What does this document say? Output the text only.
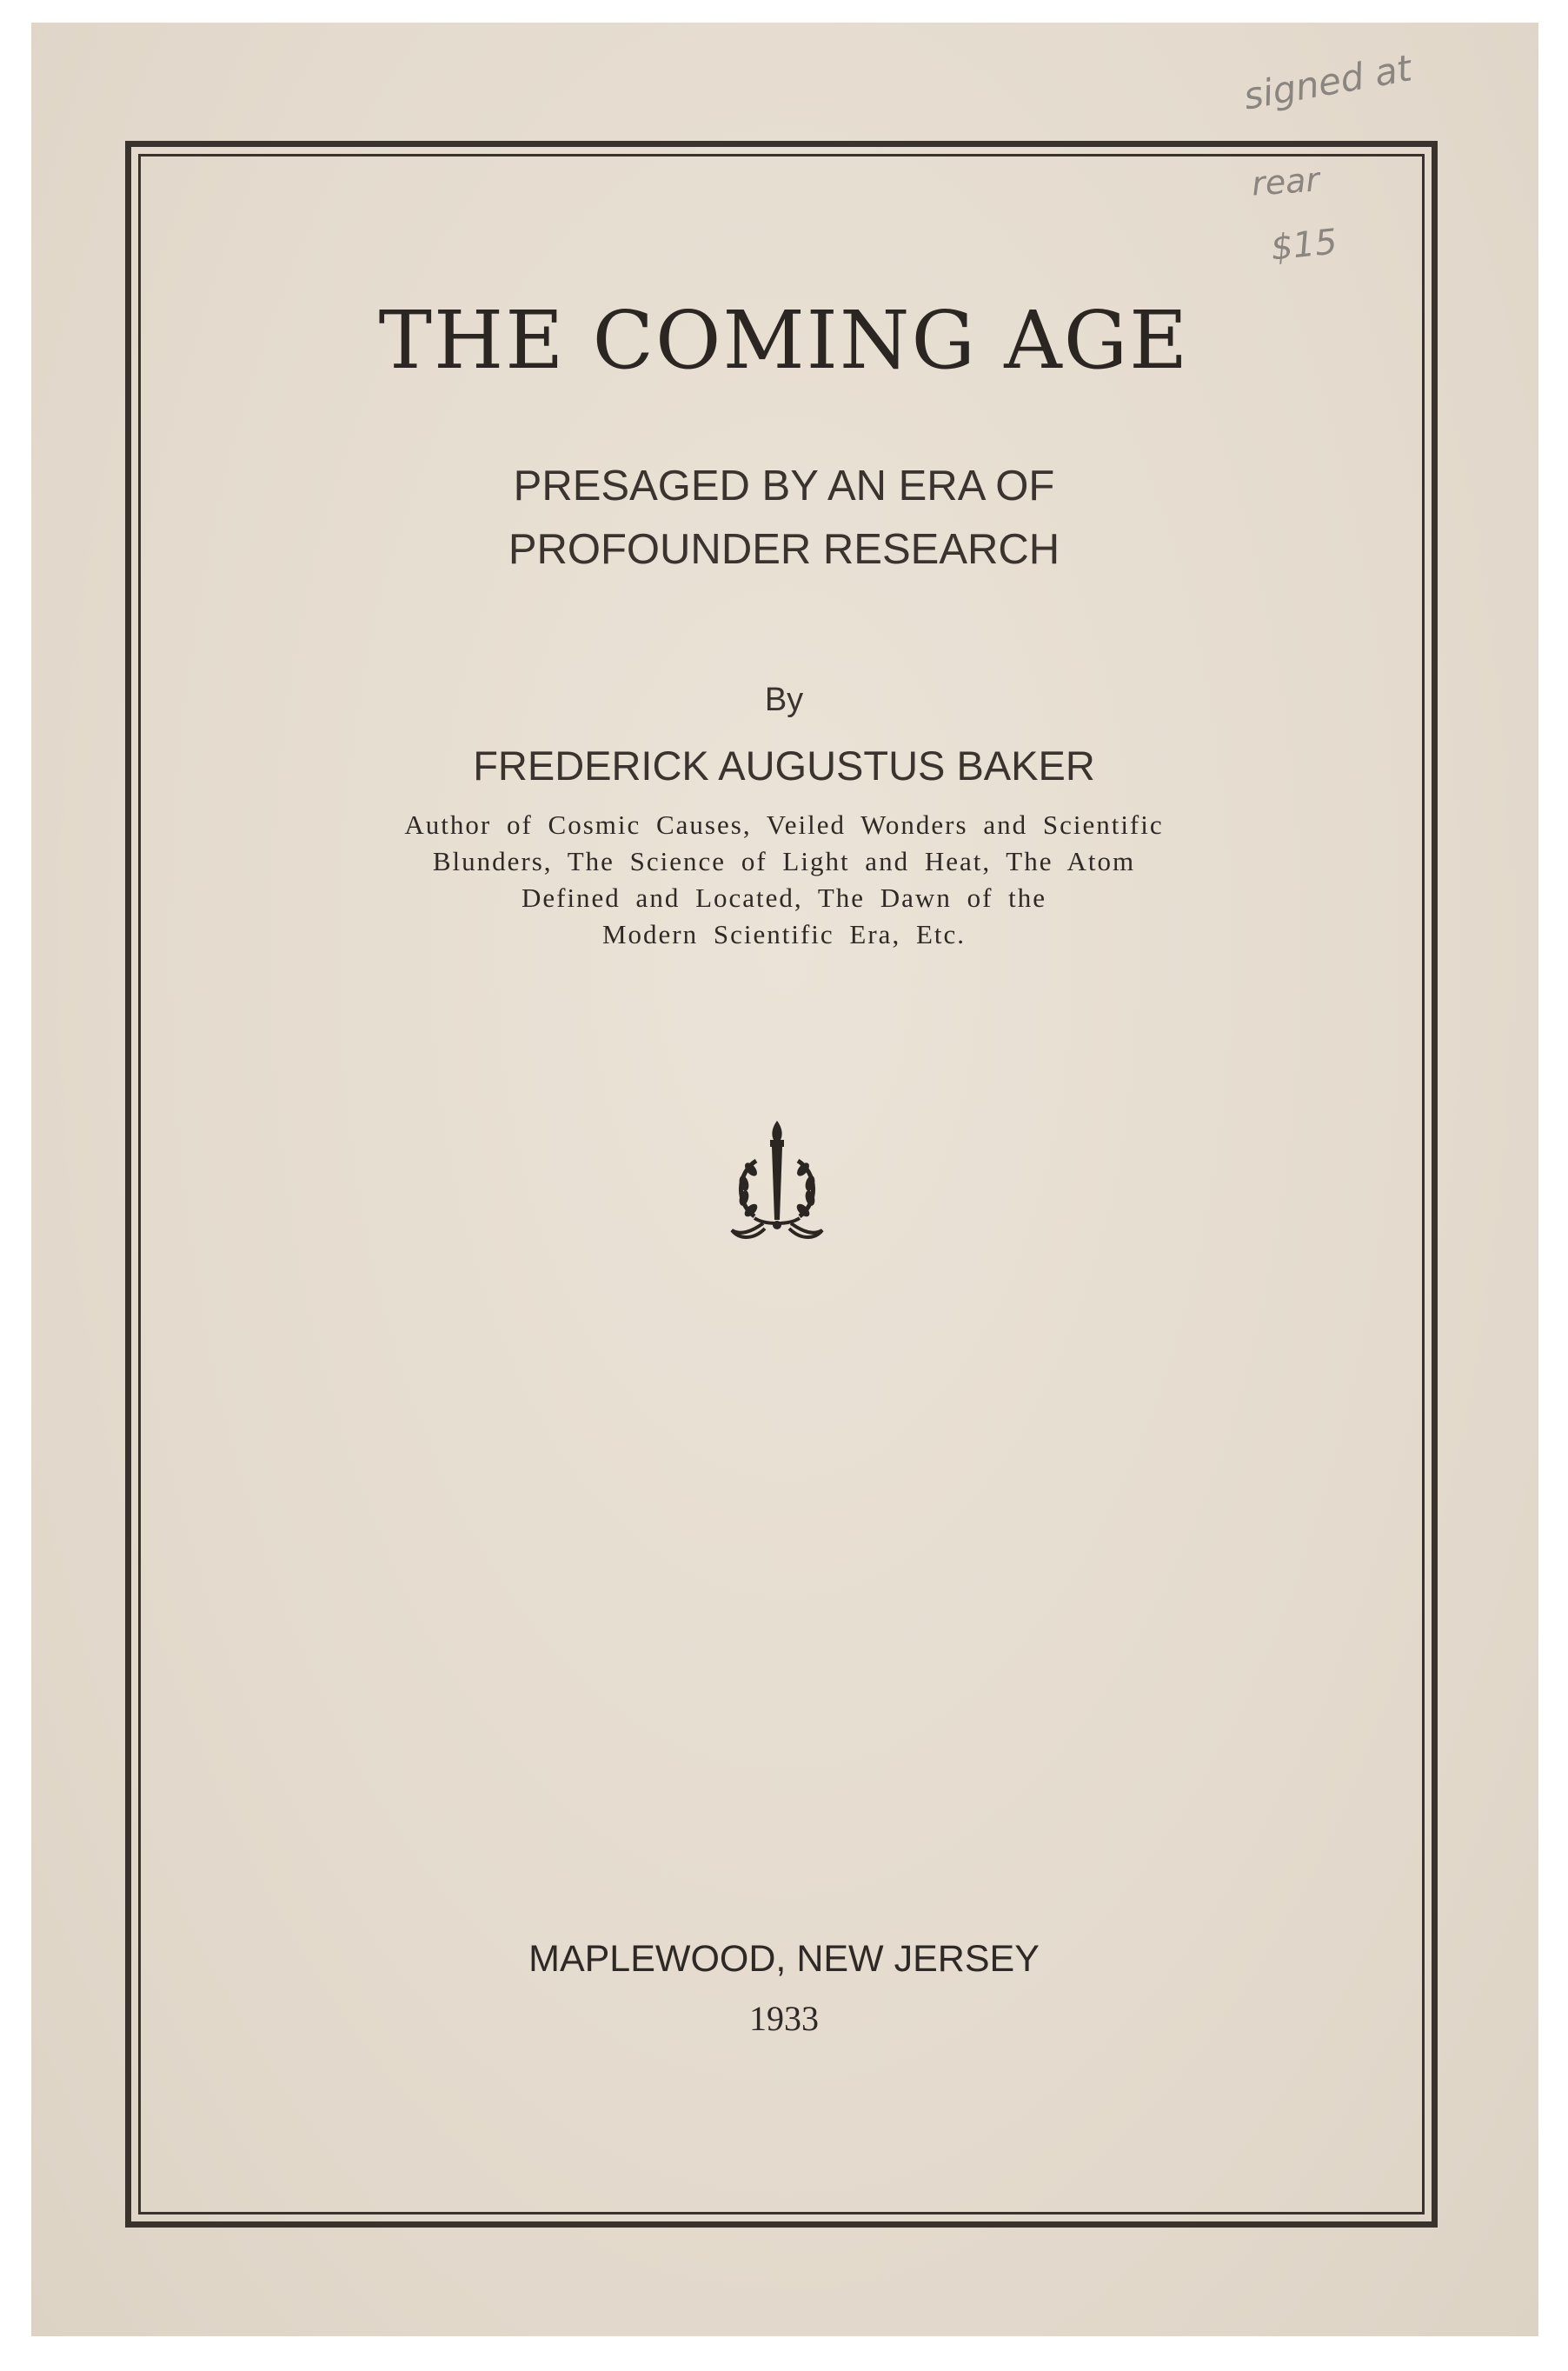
signed at
rear
$15
THE COMING AGE
PRESAGED BY AN ERA OF
PROFOUNDER RESEARCH
By
FREDERICK AUGUSTUS BAKER
Author of Cosmic Causes, Veiled Wonders and Scientific
Blunders, The Science of Light and Heat, The Atom
Defined and Located, The Dawn of the
Modern Scientific Era, Etc.
MAPLEWOOD, NEW JERSEY
1933
